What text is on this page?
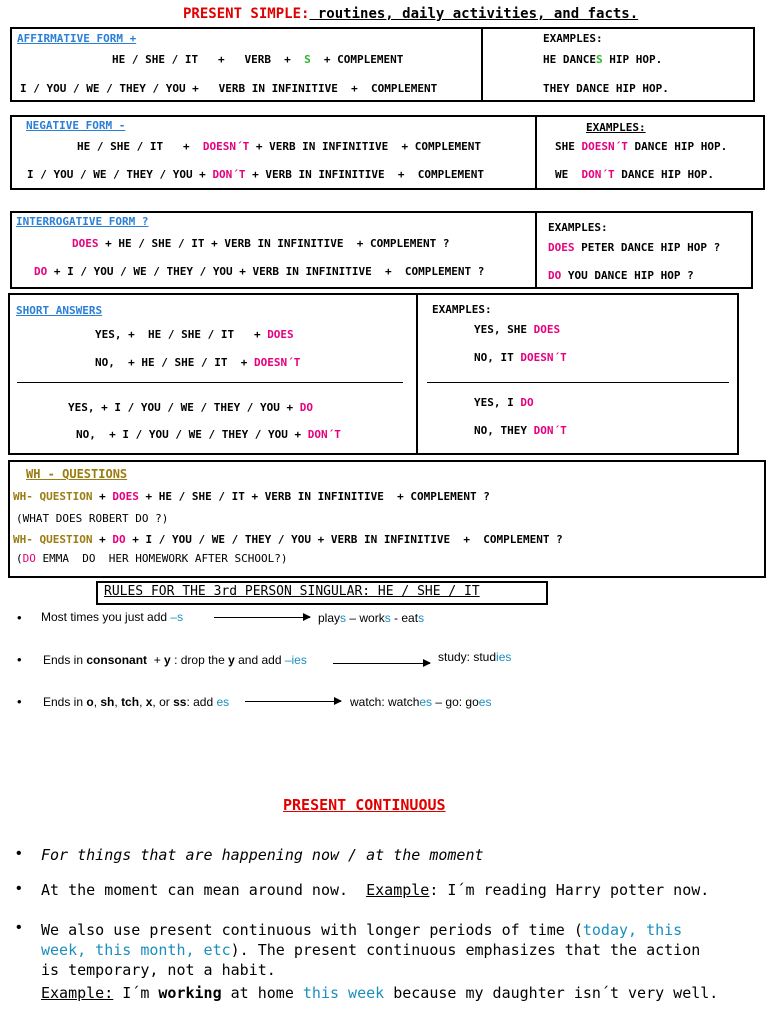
PRESENT SIMPLE: routines, daily activities, and facts.
AFFIRMATIVE FORM +
HE / SHE / IT   +   VERB  +  S  + COMPLEMENT
I / YOU / WE / THEY / YOU +   VERB IN INFINITIVE  +  COMPLEMENT
EXAMPLES:
HE DANCES HIP HOP.
THEY DANCE HIP HOP.
NEGATIVE FORM -
HE / SHE / IT   +  DOESN´T + VERB IN INFINITIVE  + COMPLEMENT
I / YOU / WE / THEY / YOU + DON´T + VERB IN INFINITIVE  +  COMPLEMENT
EXAMPLES:
SHE DOESN´T DANCE HIP HOP.
WE  DON´T DANCE HIP HOP.
INTERROGATIVE FORM ?
DOES + HE / SHE / IT + VERB IN INFINITIVE  + COMPLEMENT ?
DO + I / YOU / WE / THEY / YOU + VERB IN INFINITIVE  +  COMPLEMENT ?
EXAMPLES:
DOES PETER DANCE HIP HOP ?
DO YOU DANCE HIP HOP ?
SHORT ANSWERS
YES, +  HE / SHE / IT   + DOES
NO,  + HE / SHE / IT  + DOESN´T
YES, + I / YOU / WE / THEY / YOU + DO
NO,  + I / YOU / WE / THEY / YOU + DON´T
EXAMPLES:
YES, SHE DOES
NO, IT DOESN´T
YES, I DO
NO, THEY DON´T
WH - QUESTIONS
WH- QUESTION + DOES + HE / SHE / IT + VERB IN INFINITIVE  + COMPLEMENT ?
(WHAT DOES ROBERT DO ?)
WH- QUESTION + DO + I / YOU / WE / THEY / YOU + VERB IN INFINITIVE  +  COMPLEMENT ?
(DO EMMA  DO  HER HOMEWORK AFTER SCHOOL?)
RULES FOR THE 3rd PERSON SINGULAR: HE / SHE / IT
• Most times you just add –s	plays – works - eats
• Ends in consonant  + y : drop the y and add –ies	study: studies
• Ends in o, sh, tch, x, or ss: add es	watch: watches – go: goes
PRESENT CONTINUOUS
• For things that are happening now / at the moment
• At the moment can mean around now.  Example: I´m reading Harry potter now.
• We also use present continuous with longer periods of time (today, this week, this month, etc). The present continuous emphasizes that the action is temporary, not a habit.
Example: I´m working at home this week because my daughter isn´t very well.
